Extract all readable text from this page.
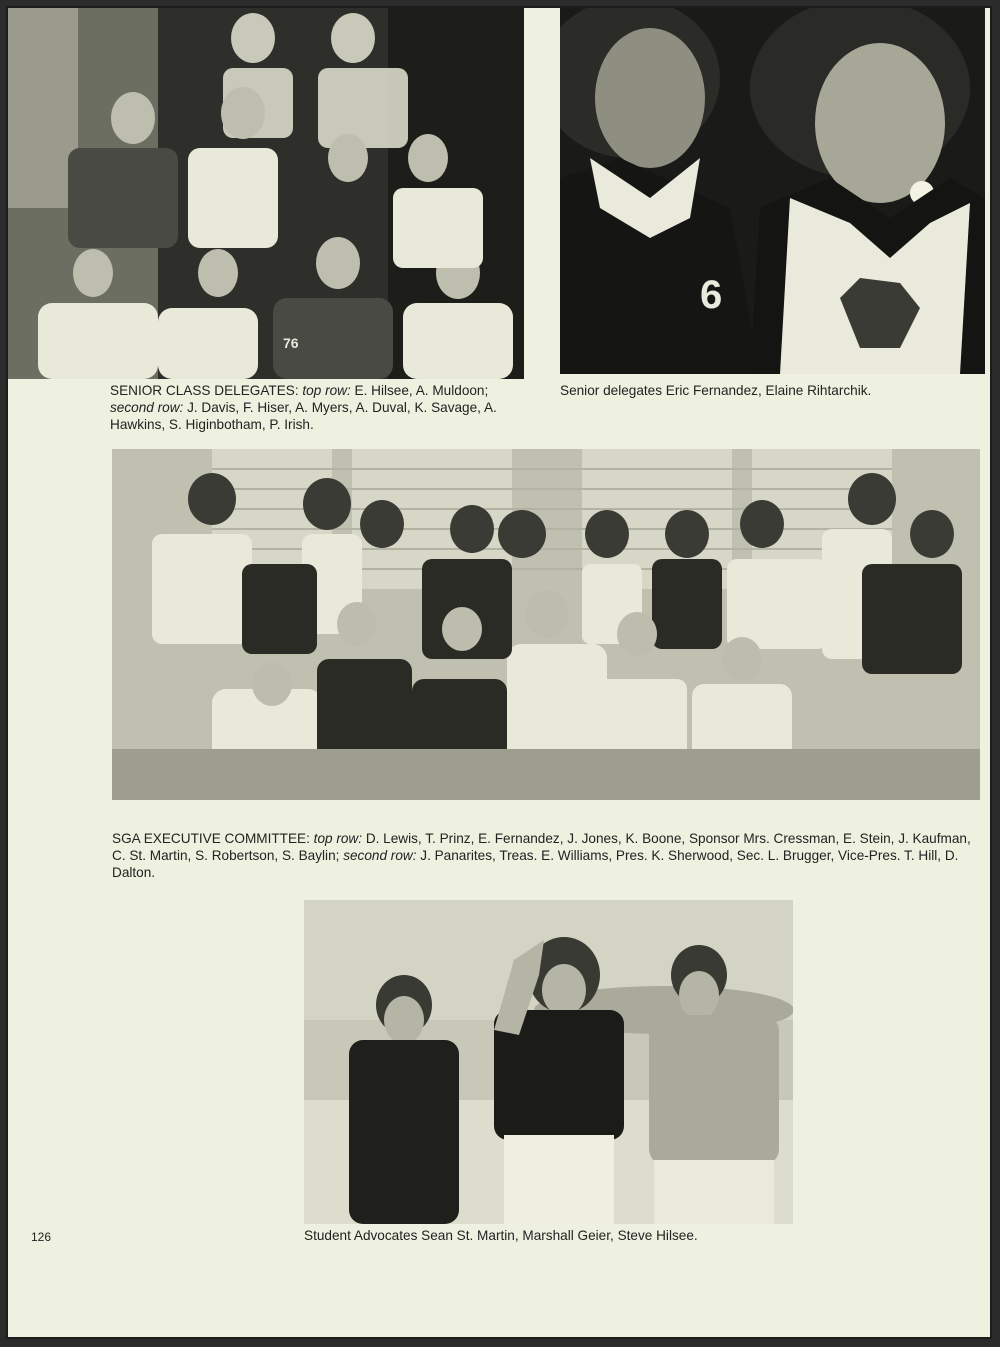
76
6

SENIOR CLASS DELEGATES: top row: E. Hilsee, A. Muldoon; second row: J. Davis, F. Hiser, A. Myers, A. Duval, K. Savage, A. Hawkins, S. Higinbotham, P. Irish.

Senior delegates Eric Fernandez, Elaine Rihtarchik.

SGA EXECUTIVE COMMITTEE: top row: D. Lewis, T. Prinz, E. Fernandez, J. Jones, K. Boone, Sponsor Mrs. Cressman, E. Stein, J. Kaufman, C. St. Martin, S. Robertson, S. Baylin; second row: J. Panarites, Treas. E. Williams, Pres. K. Sherwood, Sec. L. Brugger, Vice-Pres. T. Hill, D. Dalton.

Student Advocates Sean St. Martin, Marshall Geier, Steve Hilsee.

126
